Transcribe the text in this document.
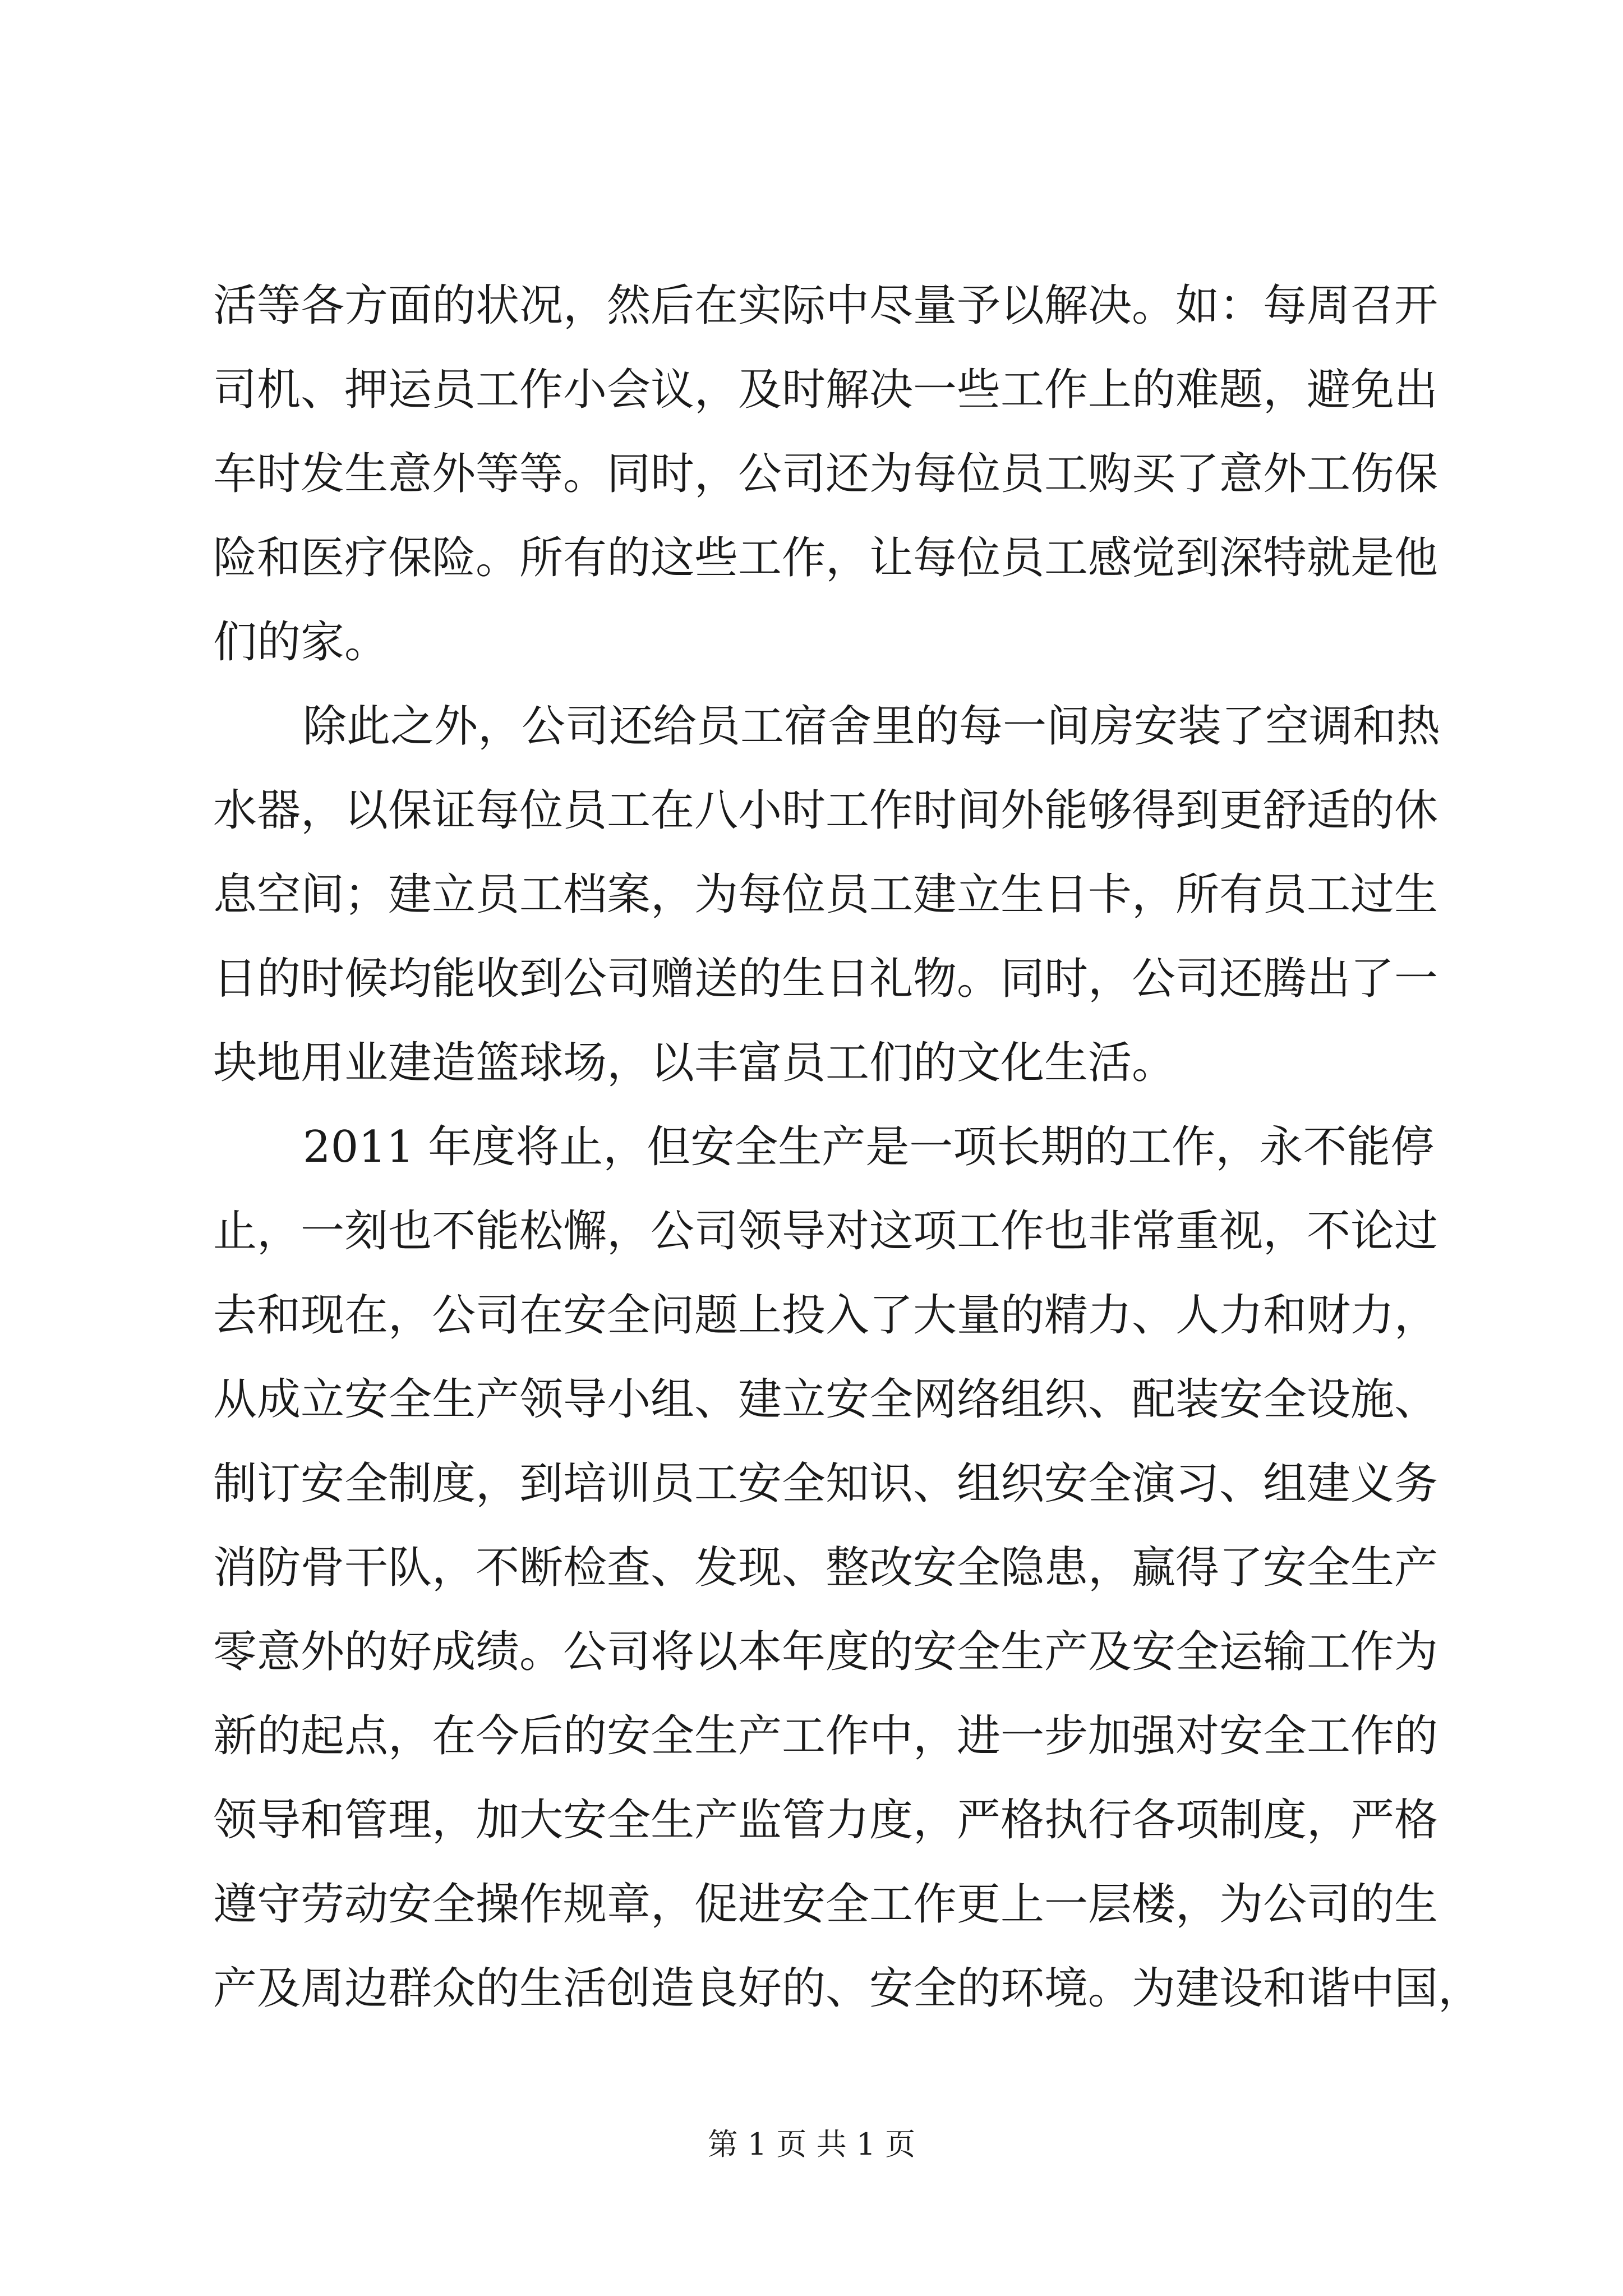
活等各方面的状况，然后在实际中尽量予以解决。如：每周召开
司机、押运员工作小会议，及时解决一些工作上的难题，避免出
车时发生意外等等。同时，公司还为每位员工购买了意外工伤保
险和医疗保险。所有的这些工作，让每位员工感觉到深特就是他
们的家。
除此之外，公司还给员工宿舍里的每一间房安装了空调和热
水器，以保证每位员工在八小时工作时间外能够得到更舒适的休
息空间；建立员工档案，为每位员工建立生日卡，所有员工过生
日的时候均能收到公司赠送的生日礼物。同时，公司还腾出了一
块地用业建造篮球场，以丰富员工们的文化生活。
2011 年度将止，但安全生产是一项长期的工作，永不能停
止，一刻也不能松懈，公司领导对这项工作也非常重视，不论过
去和现在，公司在安全问题上投入了大量的精力、人力和财力，
从成立安全生产领导小组、建立安全网络组织、配装安全设施、
制订安全制度，到培训员工安全知识、组织安全演习、组建义务
消防骨干队，不断检查、发现、整改安全隐患，赢得了安全生产
零意外的好成绩。公司将以本年度的安全生产及安全运输工作为
新的起点，在今后的安全生产工作中，进一步加强对安全工作的
领导和管理，加大安全生产监管力度，严格执行各项制度，严格
遵守劳动安全操作规章，促进安全工作更上一层楼，为公司的生
产及周边群众的生活创造良好的、安全的环境。为建设和谐中国，
第 1 页 共 1 页
